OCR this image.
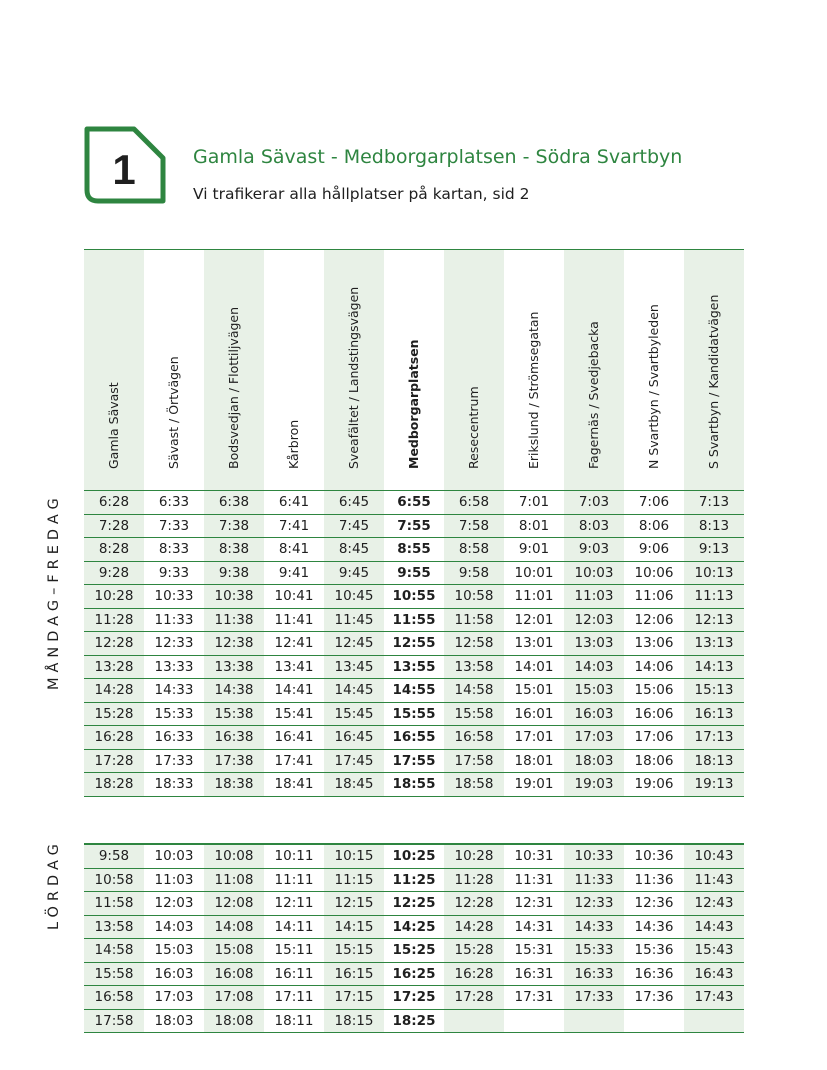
1	Gamla Sävast - Medborgarplatsen - Södra Svartbyn

Vi trafikerar alla hållplatser på kartan, sid 2

MÅNDAG–FREDAG
LÖRDAG
Gamla Sävast	Sävast / Örtvägen	Bodsvedjan / Flottiljvägen	Kårbron	Sveafältet / Landstingsvägen	Medborgarplatsen	Resecentrum	Erikslund / Strömsegatan	Fagernäs / Svedjebacka	N Svartbyn / Svartbyleden	S Svartbyn / Kandidatvägen
6:28	6:33	6:38	6:41	6:45	6:55	6:58	7:01	7:03	7:06	7:13
7:28	7:33	7:38	7:41	7:45	7:55	7:58	8:01	8:03	8:06	8:13
8:28	8:33	8:38	8:41	8:45	8:55	8:58	9:01	9:03	9:06	9:13
9:28	9:33	9:38	9:41	9:45	9:55	9:58	10:01	10:03	10:06	10:13
10:28	10:33	10:38	10:41	10:45	10:55	10:58	11:01	11:03	11:06	11:13
11:28	11:33	11:38	11:41	11:45	11:55	11:58	12:01	12:03	12:06	12:13
12:28	12:33	12:38	12:41	12:45	12:55	12:58	13:01	13:03	13:06	13:13
13:28	13:33	13:38	13:41	13:45	13:55	13:58	14:01	14:03	14:06	14:13
14:28	14:33	14:38	14:41	14:45	14:55	14:58	15:01	15:03	15:06	15:13
15:28	15:33	15:38	15:41	15:45	15:55	15:58	16:01	16:03	16:06	16:13
16:28	16:33	16:38	16:41	16:45	16:55	16:58	17:01	17:03	17:06	17:13
17:28	17:33	17:38	17:41	17:45	17:55	17:58	18:01	18:03	18:06	18:13
18:28	18:33	18:38	18:41	18:45	18:55	18:58	19:01	19:03	19:06	19:13
9:58	10:03	10:08	10:11	10:15	10:25	10:28	10:31	10:33	10:36	10:43
10:58	11:03	11:08	11:11	11:15	11:25	11:28	11:31	11:33	11:36	11:43
11:58	12:03	12:08	12:11	12:15	12:25	12:28	12:31	12:33	12:36	12:43
13:58	14:03	14:08	14:11	14:15	14:25	14:28	14:31	14:33	14:36	14:43
14:58	15:03	15:08	15:11	15:15	15:25	15:28	15:31	15:33	15:36	15:43
15:58	16:03	16:08	16:11	16:15	16:25	16:28	16:31	16:33	16:36	16:43
16:58	17:03	17:08	17:11	17:15	17:25	17:28	17:31	17:33	17:36	17:43
17:58	18:03	18:08	18:11	18:15	18:25
